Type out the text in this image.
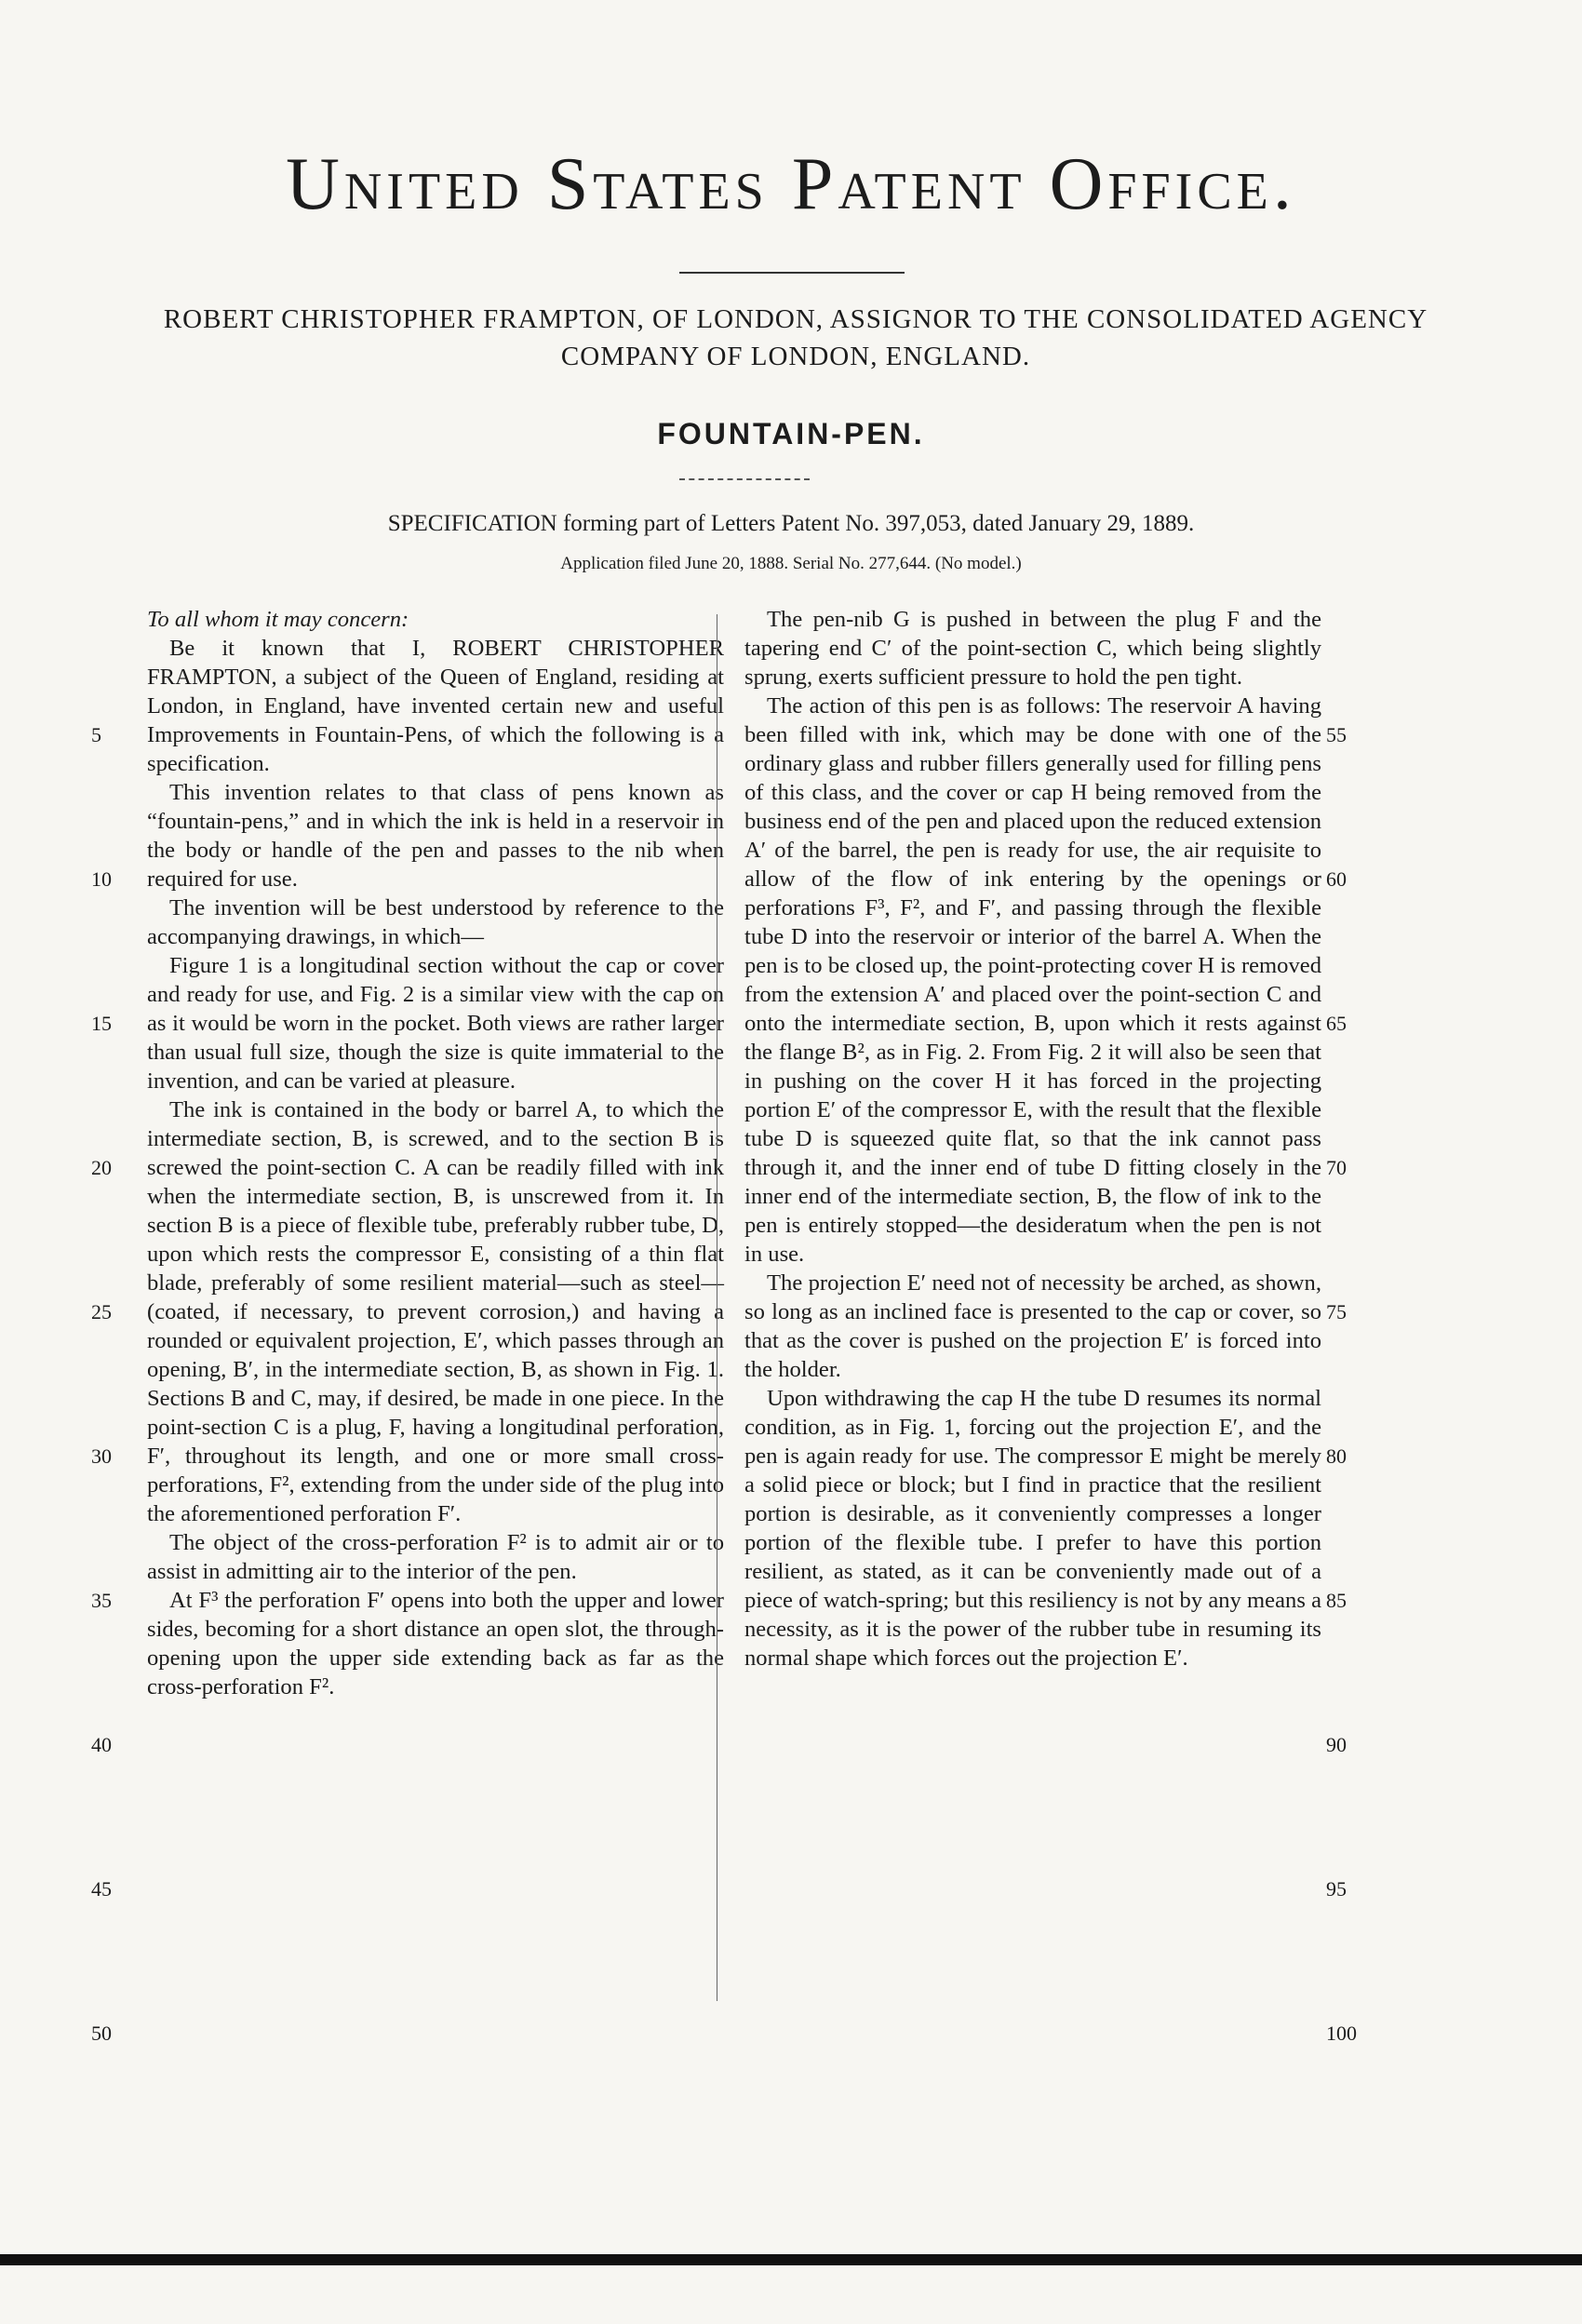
United States Patent Office.
ROBERT CHRISTOPHER FRAMPTON, OF LONDON, ASSIGNOR TO THE CONSOLIDATED AGENCY COMPANY OF LONDON, ENGLAND.
FOUNTAIN-PEN.
SPECIFICATION forming part of Letters Patent No. 397,053, dated January 29, 1889.
Application filed June 20, 1888. Serial No. 277,644. (No model.)

To all whom it may concern:

Be it known that I, ROBERT CHRISTOPHER FRAMPTON, a subject of the Queen of England, residing at London, in England, have invented certain new and useful Improvements in Fountain-Pens, of which the following is a specification.

This invention relates to that class of pens known as “fountain-pens,” and in which the ink is held in a reservoir in the body or handle of the pen and passes to the nib when required for use.

The invention will be best understood by reference to the accompanying drawings, in which—

Figure 1 is a longitudinal section without the cap or cover and ready for use, and Fig. 2 is a similar view with the cap on as it would be worn in the pocket. Both views are rather larger than usual full size, though the size is quite immaterial to the invention, and can be varied at pleasure.

The ink is contained in the body or barrel A, to which the intermediate section, B, is screwed, and to the section B is screwed the point-section C. A can be readily filled with ink when the intermediate section, B, is unscrewed from it. In section B is a piece of flexible tube, preferably rubber tube, D, upon which rests the compressor E, consisting of a thin flat blade, preferably of some resilient material—such as steel—(coated, if necessary, to prevent corrosion,) and having a rounded or equivalent projection, E′, which passes through an opening, B′, in the intermediate section, B, as shown in Fig. 1. Sections B and C, may, if desired, be made in one piece. In the point-section C is a plug, F, having a longitudinal perforation, F′, throughout its length, and one or more small cross-perforations, F², extending from the under side of the plug into the aforementioned perforation F′.

The object of the cross-perforation F² is to admit air or to assist in admitting air to the interior of the pen.

At F³ the perforation F′ opens into both the upper and lower sides, becoming for a short distance an open slot, the through-opening upon the upper side extending back as far as the cross-perforation F².

The pen-nib G is pushed in between the plug F and the tapering end C′ of the point-section C, which being slightly sprung, exerts sufficient pressure to hold the pen tight.

The action of this pen is as follows: The reservoir A having been filled with ink, which may be done with one of the ordinary glass and rubber fillers generally used for filling pens of this class, and the cover or cap H being removed from the business end of the pen and placed upon the reduced extension A′ of the barrel, the pen is ready for use, the air requisite to allow of the flow of ink entering by the openings or perforations F³, F², and F′, and passing through the flexible tube D into the reservoir or interior of the barrel A. When the pen is to be closed up, the point-protecting cover H is removed from the extension A′ and placed over the point-section C and onto the intermediate section, B, upon which it rests against the flange B², as in Fig. 2. From Fig. 2 it will also be seen that in pushing on the cover H it has forced in the projecting portion E′ of the compressor E, with the result that the flexible tube D is squeezed quite flat, so that the ink cannot pass through it, and the inner end of tube D fitting closely in the inner end of the intermediate section, B, the flow of ink to the pen is entirely stopped—the desideratum when the pen is not in use.

The projection E′ need not of necessity be arched, as shown, so long as an inclined face is presented to the cap or cover, so that as the cover is pushed on the projection E′ is forced into the holder.

Upon withdrawing the cap H the tube D resumes its normal condition, as in Fig. 1, forcing out the projection E′, and the pen is again ready for use. The compressor E might be merely a solid piece or block; but I find in practice that the resilient portion is desirable, as it conveniently compresses a longer portion of the flexible tube. I prefer to have this portion resilient, as stated, as it can be conveniently made out of a piece of watch-spring; but this resiliency is not by any means a necessity, as it is the power of the rubber tube in resuming its normal shape which forces out the projection E′.

5
10
15
20
25
30
35
40
45
50
55
60
65
70
75
80
85
90
95
100
